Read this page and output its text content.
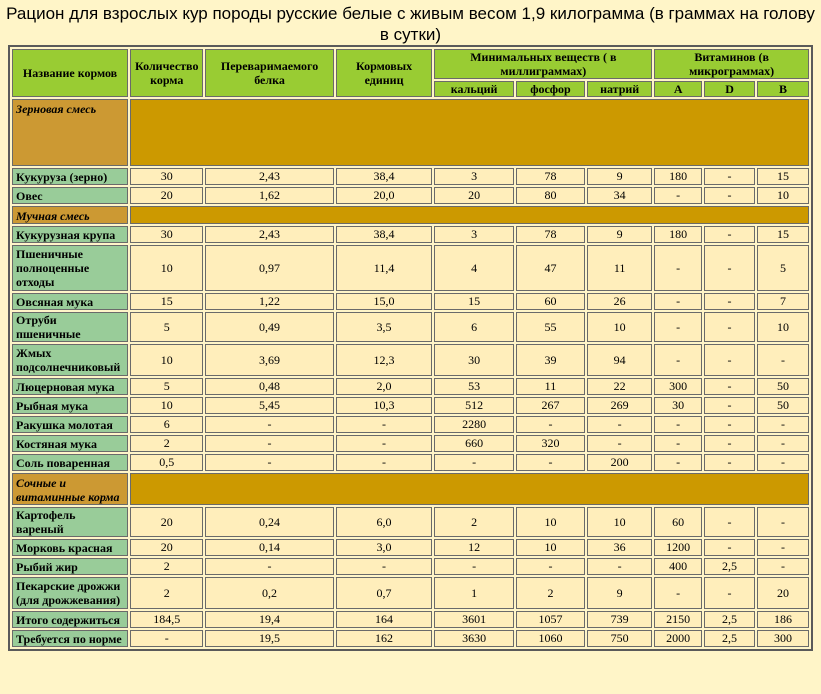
Рацион для взрослых кур породы русские белые с живым весом 1,9 килограмма (в граммах на голову в сутки)
Название кормов	Количество корма	Переваримаемого белка	Кормовых единиц	Минимальных веществ ( в миллиграммах)			Витаминов (в микрограммах)		
				кальций	фосфор	натрий	A	D	B
Зерновая смесь									
Кукуруза (зерно)	30	2,43	38,4	3	78	9	180	-	15
Овес	20	1,62	20,0	20	80	34	-	-	10
Мучная смесь									
Кукурузная крупа	30	2,43	38,4	3	78	9	180	-	15
Пшеничные полноценные отходы	10	0,97	11,4	4	47	11	-	-	5
Овсяная мука	15	1,22	15,0	15	60	26	-	-	7
Отруби пшеничные	5	0,49	3,5	6	55	10	-	-	10
Жмых подсолнечниковый	10	3,69	12,3	30	39	94	-	-	-
Люцерновая мука	5	0,48	2,0	53	11	22	300	-	50
Рыбная мука	10	5,45	10,3	512	267	269	30	-	50
Ракушка молотая	6	-	-	2280	-	-	-	-	-
Костяная мука	2	-	-	660	320	-	-	-	-
Соль поваренная	0,5	-	-	-	-	200	-	-	-

Сочные и
витаминные корма									

Картофель вареный	20	0,24	6,0	2	10	10	60	-	-
Морковь красная	20	0,14	3,0	12	10	36	1200	-	-
Рыбий жир	2	-	-	-	-	-	400	2,5	-
Пекарские дрожжи (для дрожжевания)	2	0,2	0,7	1	2	9	-	-	20
Итого содержиться	184,5	19,4	164	3601	1057	739	2150	2,5	186
Требуется по норме	-	19,5	162	3630	1060	750	2000	2,5	300
